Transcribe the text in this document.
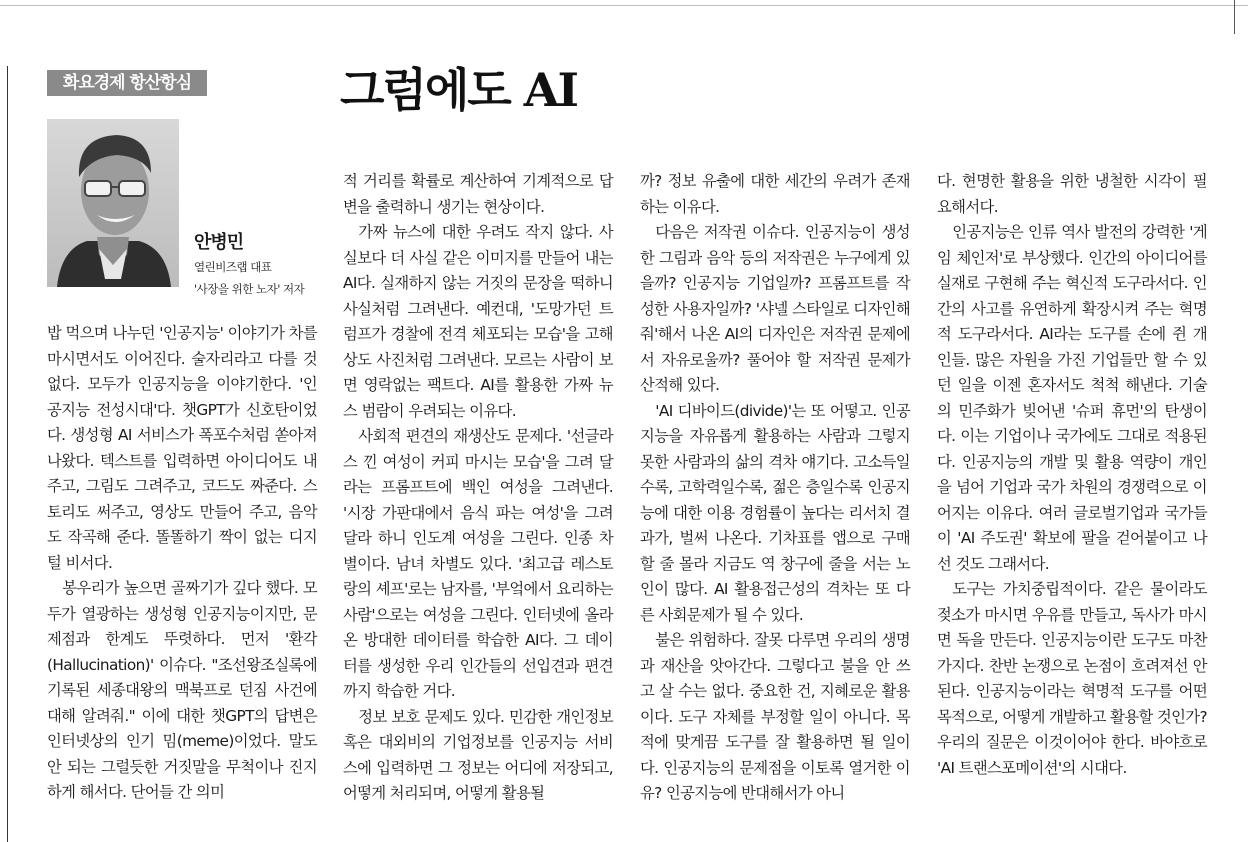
화요경제 항산항심	그럼에도 AI
안병민
열린비즈랩 대표
'사장을 위한 노자' 저자

밥 먹으며 나누던 '인공지능' 이야기가 차를 마시면서도 이어진다. 술자리라고 다를 것 없다. 모두가 인공지능을 이야기한다. '인공지능 전성시대'다. 챗GPT가 신호탄이었다. 생성형 AI 서비스가 폭포수처럼 쏟아져 나왔다. 텍스트를 입력하면 아이디어도 내주고, 그림도 그려주고, 코드도 짜준다. 스토리도 써주고, 영상도 만들어 주고, 음악도 작곡해 준다. 똘똘하기 짝이 없는 디지털 비서다.

봉우리가 높으면 골짜기가 깊다 했다. 모두가 열광하는 생성형 인공지능이지만, 문제점과 한계도 뚜렷하다. 먼저 '환각(Hallucination)' 이슈다. "조선왕조실록에 기록된 세종대왕의 맥북프로 던짐 사건에 대해 알려줘." 이에 대한 챗GPT의 답변은 인터넷상의 인기 밈(meme)이었다. 말도 안 되는 그럴듯한 거짓말을 무척이나 진지하게 해서다. 단어들 간 의미

적 거리를 확률로 계산하여 기계적으로 답변을 출력하니 생기는 현상이다.

가짜 뉴스에 대한 우려도 작지 않다. 사실보다 더 사실 같은 이미지를 만들어 내는 AI다. 실재하지 않는 거짓의 문장을 떡하니 사실처럼 그려낸다. 예컨대, '도망가던 트럼프가 경찰에 전격 체포되는 모습'을 고해상도 사진처럼 그려낸다. 모르는 사람이 보면 영락없는 팩트다. AI를 활용한 가짜 뉴스 범람이 우려되는 이유다.

사회적 편견의 재생산도 문제다. '선글라스 낀 여성이 커피 마시는 모습'을 그려 달라는 프롬프트에 백인 여성을 그려낸다. '시장 가판대에서 음식 파는 여성'을 그려 달라 하니 인도계 여성을 그린다. 인종 차별이다. 남녀 차별도 있다. '최고급 레스토랑의 셰프'로는 남자를, '부엌에서 요리하는 사람'으로는 여성을 그린다. 인터넷에 올라온 방대한 데이터를 학습한 AI다. 그 데이터를 생성한 우리 인간들의 선입견과 편견까지 학습한 거다.

정보 보호 문제도 있다. 민감한 개인정보 혹은 대외비의 기업정보를 인공지능 서비스에 입력하면 그 정보는 어디에 저장되고, 어떻게 처리되며, 어떻게 활용될

까? 정보 유출에 대한 세간의 우려가 존재하는 이유다.

다음은 저작권 이슈다. 인공지능이 생성한 그림과 음악 등의 저작권은 누구에게 있을까? 인공지능 기업일까? 프롬프트를 작성한 사용자일까? '샤넬 스타일로 디자인해 줘'해서 나온 AI의 디자인은 저작권 문제에서 자유로울까? 풀어야 할 저작권 문제가 산적해 있다.

'AI 디바이드(divide)'는 또 어떻고. 인공지능을 자유롭게 활용하는 사람과 그렇지 못한 사람과의 삶의 격차 얘기다. 고소득일수록, 고학력일수록, 젊은 층일수록 인공지능에 대한 이용 경험률이 높다는 리서치 결과가, 벌써 나온다. 기차표를 앱으로 구매할 줄 몰라 지금도 역 창구에 줄을 서는 노인이 많다. AI 활용접근성의 격차는 또 다른 사회문제가 될 수 있다.

불은 위험하다. 잘못 다루면 우리의 생명과 재산을 앗아간다. 그렇다고 불을 안 쓰고 살 수는 없다. 중요한 건, 지혜로운 활용이다. 도구 자체를 부정할 일이 아니다. 목적에 맞게끔 도구를 잘 활용하면 될 일이다. 인공지능의 문제점을 이토록 열거한 이유? 인공지능에 반대해서가 아니

다. 현명한 활용을 위한 냉철한 시각이 필요해서다.

인공지능은 인류 역사 발전의 강력한 '게임 체인저'로 부상했다. 인간의 아이디어를 실재로 구현해 주는 혁신적 도구라서다. 인간의 사고를 유연하게 확장시켜 주는 혁명적 도구라서다. AI라는 도구를 손에 쥔 개인들. 많은 자원을 가진 기업들만 할 수 있던 일을 이젠 혼자서도 척척 해낸다. 기술의 민주화가 빚어낸 '슈퍼 휴먼'의 탄생이다. 이는 기업이나 국가에도 그대로 적용된다. 인공지능의 개발 및 활용 역량이 개인을 넘어 기업과 국가 차원의 경쟁력으로 이어지는 이유다. 여러 글로벌기업과 국가들이 'AI 주도권' 확보에 팔을 걷어붙이고 나선 것도 그래서다.

도구는 가치중립적이다. 같은 물이라도 젖소가 마시면 우유를 만들고, 독사가 마시면 독을 만든다. 인공지능이란 도구도 마찬가지다. 찬반 논쟁으로 논점이 흐려져선 안 된다. 인공지능이라는 혁명적 도구를 어떤 목적으로, 어떻게 개발하고 활용할 것인가? 우리의 질문은 이것이어야 한다. 바야흐로 'AI 트랜스포메이션'의 시대다.
